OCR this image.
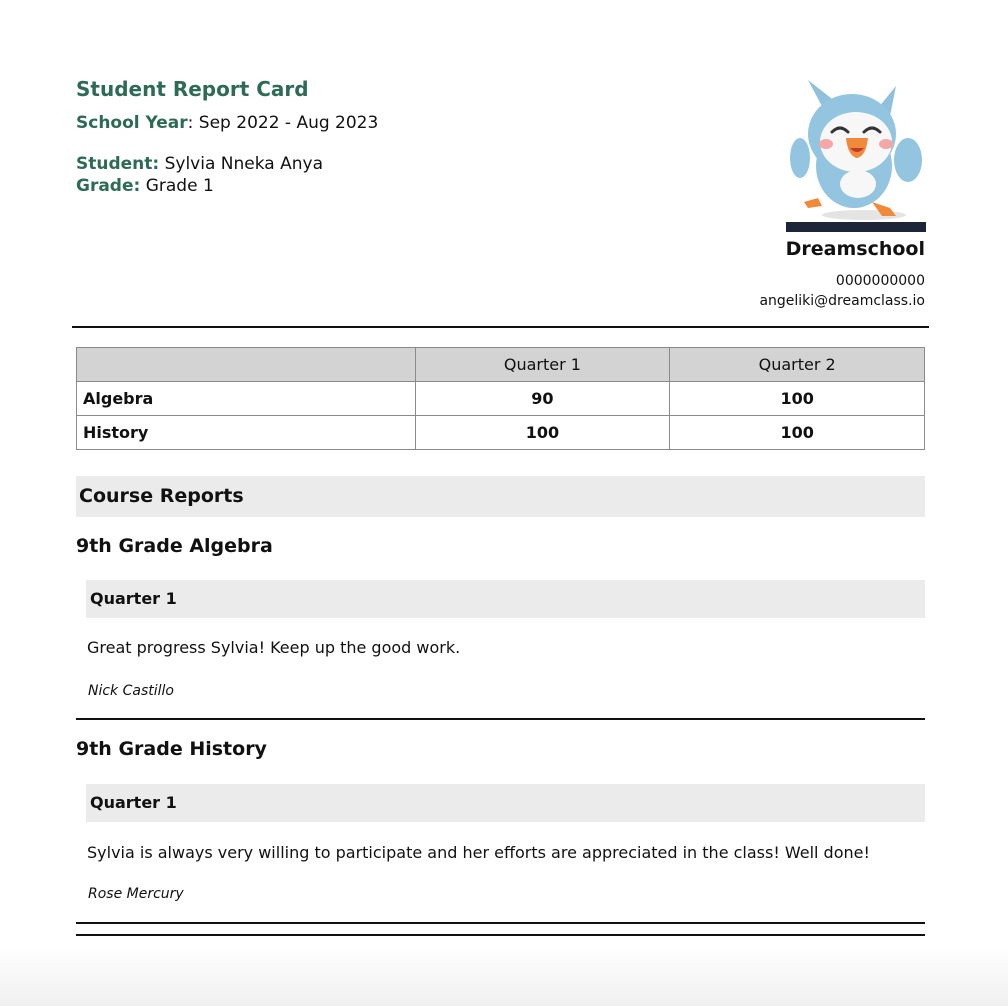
Student Report Card
School Year: Sep 2022 - Aug 2023
Student: Sylvia Nneka Anya
Grade: Grade 1
Dreamschool
0000000000
angeliki@dreamclass.io
	Quarter 1	Quarter 2
Algebra	90	100
History	100	100
Course Reports
9th Grade Algebra
Quarter 1
Great progress Sylvia! Keep up the good work.
Nick Castillo
9th Grade History
Quarter 1
Sylvia is always very willing to participate and her efforts are appreciated in the class! Well done!
Rose Mercury
